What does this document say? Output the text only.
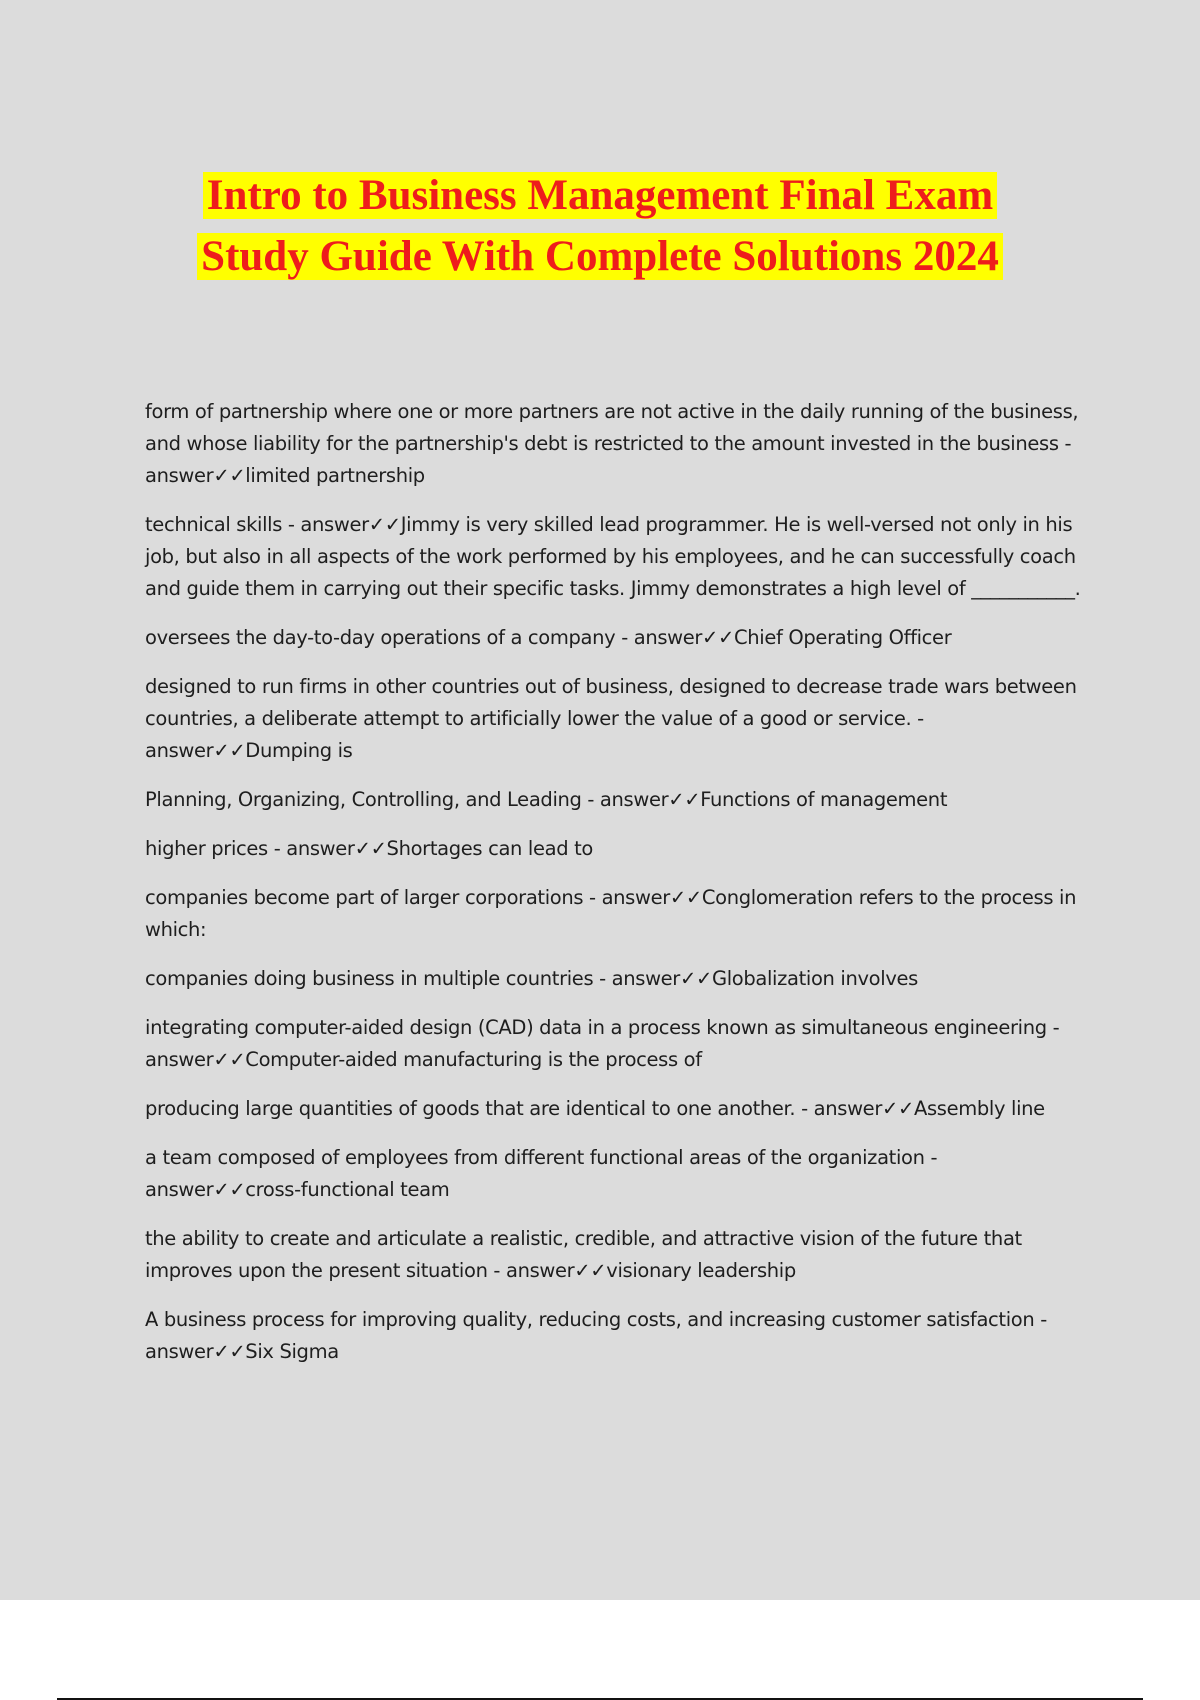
Intro to Business Management Final Exam
Study Guide With Complete Solutions 2024

form of partnership where one or more partners are not active in the daily running of the business, and whose liability for the partnership's debt is restricted to the amount invested in the business - answer✓✓limited partnership

technical skills - answer✓✓Jimmy is very skilled lead programmer. He is well-versed not only in his job, but also in all aspects of the work performed by his employees, and he can successfully coach and guide them in carrying out their specific tasks. Jimmy demonstrates a high level of ___________.

oversees the day-to-day operations of a company - answer✓✓Chief Operating Officer

designed to run firms in other countries out of business, designed to decrease trade wars between countries, a deliberate attempt to artificially lower the value of a good or service. - answer✓✓Dumping is

Planning, Organizing, Controlling, and Leading - answer✓✓Functions of management

higher prices - answer✓✓Shortages can lead to

companies become part of larger corporations - answer✓✓Conglomeration refers to the process in which:

companies doing business in multiple countries - answer✓✓Globalization involves

integrating computer-aided design (CAD) data in a process known as simultaneous engineering - answer✓✓Computer-aided manufacturing is the process of

producing large quantities of goods that are identical to one another. - answer✓✓Assembly line

a team composed of employees from different functional areas of the organization - answer✓✓cross-functional team

the ability to create and articulate a realistic, credible, and attractive vision of the future that improves upon the present situation - answer✓✓visionary leadership

A business process for improving quality, reducing costs, and increasing customer satisfaction - answer✓✓Six Sigma
